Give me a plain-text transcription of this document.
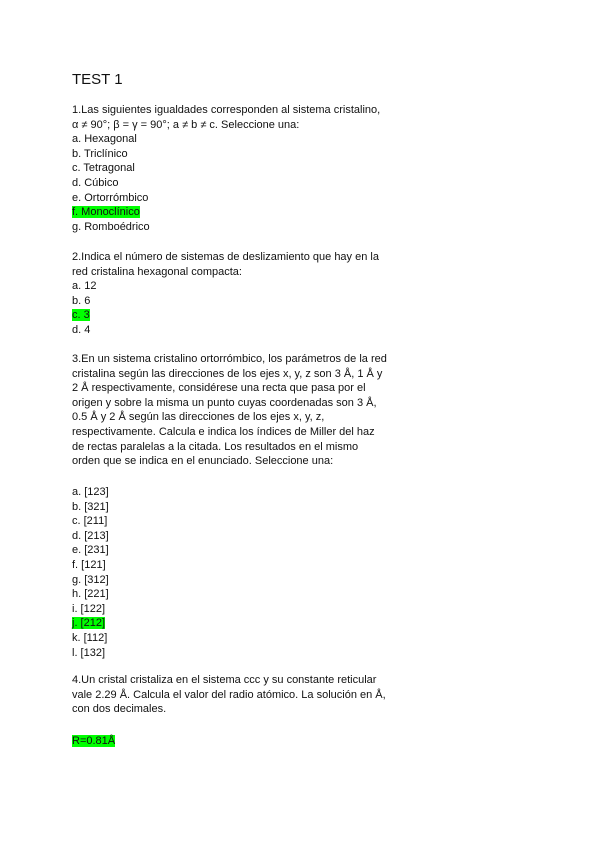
TEST 1
1.Las siguientes igualdades corresponden al sistema cristalino,
α ≠ 90°; β = γ = 90°; a ≠ b ≠ c. Seleccione una:
a. Hexagonal
b. Triclínico
c. Tetragonal
d. Cúbico
e. Ortorrómbico
f. Monoclínico
g. Romboédrico
2.Indica el número de sistemas de deslizamiento que hay en la
red cristalina hexagonal compacta:
a. 12
b. 6
c. 3
d. 4
3.En un sistema cristalino ortorrómbico, los parámetros de la red
cristalina según las direcciones de los ejes x, y, z son 3 Å, 1 Å y
2 Å respectivamente, considérese una recta que pasa por el
origen y sobre la misma un punto cuyas coordenadas son 3 Å,
0.5 Å y 2 Å según las direcciones de los ejes x, y, z,
respectivamente. Calcula e indica los índices de Miller del haz
de rectas paralelas a la citada. Los resultados en el mismo
orden que se indica en el enunciado. Seleccione una:
a. [123]
b. [321]
c. [211]
d. [213]
e. [231]
f. [121]
g. [312]
h. [221]
i. [122]
j. [212]
k. [112]
l. [132]
4.Un cristal cristaliza en el sistema ccc y su constante reticular
vale 2.29 Å. Calcula el valor del radio atómico. La solución en Å,
con dos decimales.
R=0.81Å
